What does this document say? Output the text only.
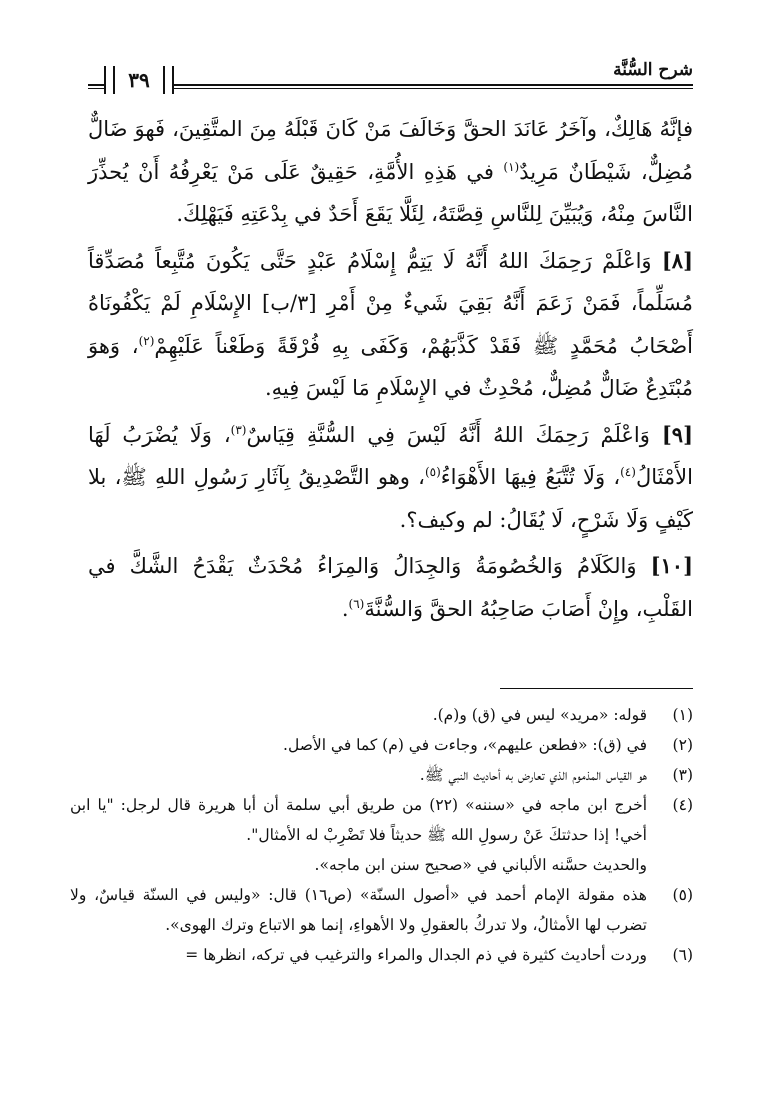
شرح السُّنَّة
٣٩

فإنَّهُ هَالِكٌ، وآخَرُ عَانَدَ الحقَّ وَخَالَفَ مَنْ كَانَ قَبْلَهُ مِنَ المتَّقِينَ، فَهوَ ضَالٌّ مُضِلٌّ، شَيْطَانٌ مَرِيدٌ$^{(١)}$ في هَذِهِ الأُمَّةِ، حَقِيقٌ عَلَى مَنْ يَعْرِفُهُ أَنْ يُحذِّرَ النَّاسَ مِنْهُ، وَيُبَيِّنَ لِلنَّاسِ قِصَّتَهُ، لِئَلَّا يَقَعَ أَحَدٌ في بِدْعَتِهِ فَيَهْلِكَ.

[٨] وَاعْلَمْ رَحِمَكَ اللهُ أَنَّهُ لَا يَتِمُّ إِسْلَامُ عَبْدٍ حَتَّى يَكُونَ مُتَّبِعاً مُصَدِّقاً مُسَلِّماً، فَمَنْ زَعَمَ أَنَّهُ بَقِيَ شَيءٌ مِنْ أَمْرِ [٣/ب] الإِسْلَامِ لَمْ يَكْفُونَاهُ أَصْحَابُ مُحَمَّدٍ ﷺ فَقَدْ كَذَّبَهُمْ، وَكَفَى بِهِ فُرْقَةً وَطَعْناً عَلَيْهِمْ$^{(٢)}$، وَهوَ مُبْتَدِعٌ ضَالٌّ مُضِلٌّ، مُحْدِثٌ في الإِسْلَامِ مَا لَيْسَ فِيهِ.

[٩] وَاعْلَمْ رَحِمَكَ اللهُ أَنَّهُ لَيْسَ فِي السُّنَّةِ قِيَاسٌ$^{(٣)}$، وَلَا يُضْرَبُ لَهَا الأَمْثَالُ$^{(٤)}$، وَلَا تُتَّبَعُ فِيهَا الأَهْوَاءُ$^{(٥)}$، وهو التَّصْدِيقُ بِآثَارِ رَسُولِ اللهِ ﷺ، بلا كَيْفٍ وَلَا شَرْحٍ، لَا يُقَالُ: لم وكيف؟.

[١٠] وَالكَلَامُ وَالخُصُومَةُ وَالجِدَالُ وَالمِرَاءُ مُحْدَثٌ يَقْدَحُ الشَّكَّ في القَلْبِ، وإِنْ أَصَابَ صَاحِبُهُ الحقَّ وَالسُّنَّةَ$^{(٦)}$.

(١)
قوله: «مريد» ليس في (ق) و(م).
(٢)
في (ق): «فطعن عليهم»، وجاءت في (م) كما في الأصل.
(٣)
هو القياس المذموم الذي تعارض به أحاديث النبي ﷺ.
(٤)
أخرج ابن ماجه في «سننه» (٢٢) من طريق أبي سلمة أن أبا هريرة قال لرجل: "يا ابن أخي! إذا حدثتكَ عَنْ رسولِ الله ﷺ حديثاً فلا تَضْرِبْ له الأمثال".
والحديث حسَّنه الألباني في «صحيح سنن ابن ماجه».
(٥)
هذه مقولة الإمام أحمد في «أصول السنّة» (ص١٦) قال: «وليس في السنّة قياسٌ، ولا تضرب لها الأمثالُ، ولا تدركُ بالعقولِ ولا الأهواءِ، إنما هو الاتباع وترك الهوى».
(٦)
وردت أحاديث كثيرة في ذم الجدال والمراء والترغيب في تركه، انظرها =
